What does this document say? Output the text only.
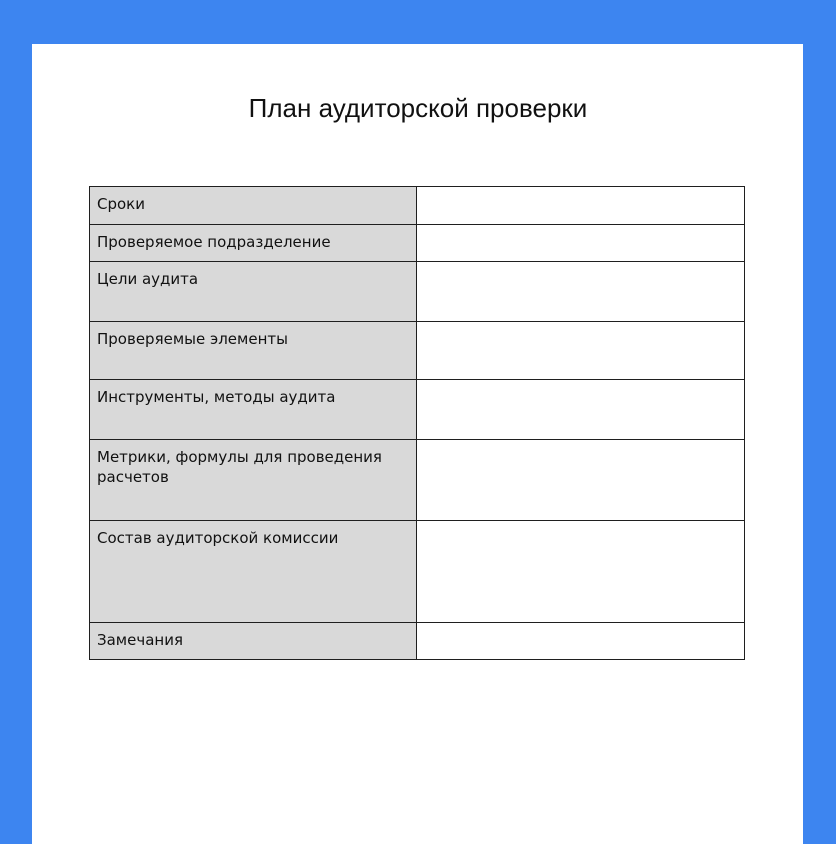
План аудиторской проверки
Сроки	
Проверяемое подразделение	
Цели аудита	
Проверяемые элементы	
Инструменты, методы аудита	
Метрики, формулы для проведения расчетов	
Состав аудиторской комиссии	
Замечания	
